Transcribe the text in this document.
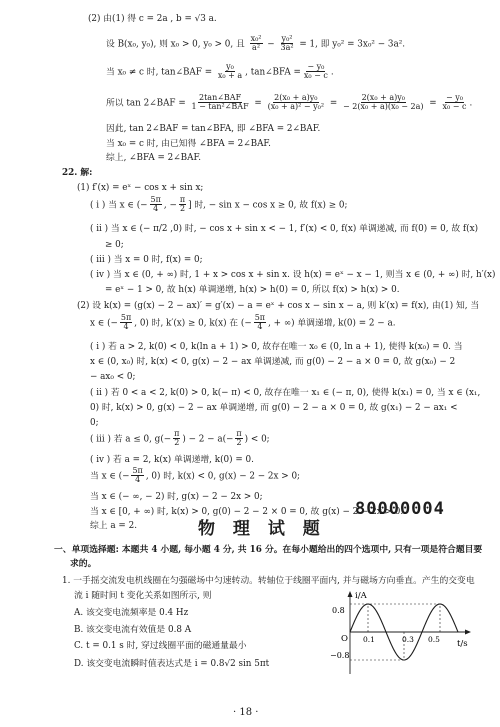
(2) 由(1) 得 c = 2a , b = √3 a.
设 B(x₀, y₀), 则 x₀ > 0, y₀ > 0, 且 $\frac{\text{x₀²}}{\text{a²}} - \frac{\text{y₀²}}{\text{3a²}} = 1$, 即 y₀² = 3x₀² − 3a².
当 x₀ ≠ c 时, tan∠BAF = $\frac{\text{y₀}}{\text{x₀ + a}}$ , tan∠BFA = $\frac{\text{− y₀}}{\text{x₀ − c}}$ .
所以 tan 2∠BAF = $\frac{\text{2tan∠BAF}}{\text{1 − tan²∠BAF}} = \frac{\text{2(x₀ + a)y₀}}{\text{(x₀ + a)² − y₀²}} = \frac{\text{2(x₀ + a)y₀}}{\text{− 2(x₀ + a)(x₀ − 2a)}} = \frac{\text{− y₀}}{\text{x₀ − c}}$ .
因此, tan 2∠BAF = tan∠BFA, 即 ∠BFA = 2∠BAF.
当 x₀ = c 时, 由已知得 ∠BFA = 2∠BAF.
综上, ∠BFA = 2∠BAF.
22. 解:
(1) f′(x) = eˣ − cos x + sin x;
( i ) 当 x ∈ (− $\frac{5\pi}{4}$ , − $\frac{\pi}{2}$ ] 时, − sin x − cos x ≥ 0, 故 f(x) ≥ 0;
( ii ) 当 x ∈ (− π/2 ,0) 时, − cos x + sin x < − 1, f′(x) < 0, f(x) 单调递减, 而 f(0) = 0, 故 f(x)
≥ 0;
( iii ) 当 x = 0 时, f(x) = 0;
( iv ) 当 x ∈ (0, + ∞) 时, 1 + x > cos x + sin x. 设 h(x) = eˣ − x − 1, 则当 x ∈ (0, + ∞) 时, h′(x)
= eˣ − 1 > 0, 故 h(x) 单调递增, h(x) > h(0) = 0, 所以 f(x) > h(x) > 0.
(2) 设 k(x) = (g(x) − 2 − ax)′ = g′(x) − a = eˣ + cos x − sin x − a, 则 k′(x) = f(x), 由(1) 知, 当
x ∈ (− $\frac{5\pi}{4}$ , 0) 时, k′(x) ≥ 0, k(x) 在 (− $\frac{5\pi}{4}$ , + ∞) 单调递增, k(0) = 2 − a.
( i ) 若 a > 2, k(0) < 0, k(ln a + 1) > 0, 故存在唯一 x₀ ∈ (0, ln a + 1), 使得 k(x₀) = 0. 当
x ∈ (0, x₀) 时, k(x) < 0, g(x) − 2 − ax 单调递减, 而 g(0) − 2 − a × 0 = 0, 故 g(x₀) − 2
− ax₀ < 0;
( ii ) 若 0 < a < 2, k(0) > 0, k(− π) < 0, 故存在唯一 x₁ ∈ (− π, 0), 使得 k(x₁) = 0, 当 x ∈ (x₁,
0) 时, k(x) > 0, g(x) − 2 − ax 单调递增, 而 g(0) − 2 − a × 0 = 0, 故 g(x₁) − 2 − ax₁ <
0;
( iii ) 若 a ≤ 0, $g(- \frac{\pi}{2}$ ) − $2 - a(- \frac{\pi}{2}$ ) < 0;
( iv ) 若 a = 2, k(x) 单调递增, k(0) = 0.
当 x ∈ (− $\frac{5\pi}{4}$ , 0) 时, k(x) < 0, g(x) − 2 − 2x > 0;
当 x ∈ (− ∞, − 2) 时, g(x) − 2 − 2x > 0;
当 x ∈ [0, + ∞) 时, k(x) > 0, g(0) − 2 − 2 × 0 = 0, 故 g(x) − 2 − 2x > 0.
综上 a = 2.
80000004
物 理 试 题
一、单项选择题: 本题共 4 小题, 每小题 4 分, 共 16 分。在每小题给出的四个选项中, 只有一项是符合题目要
求的。
1. 一手摇交流发电机线圈在匀强磁场中匀速转动。转轴位于线圈平面内, 并与磁场方向垂直。产生的交变电
流 i 随时间 t 变化关系如图所示, 则
A. 该交变电流频率是 0.4 Hz
B. 该交变电流有效值是 0.8 A
C. t = 0.1 s 时, 穿过线圈平面的磁通量最小
D. 该交变电流瞬时值表达式是 i = 0.8√2 sin 5πt
i/A
t/s
O
0.8
−0.8
0.1	0.3 0.5
· 18 ·
